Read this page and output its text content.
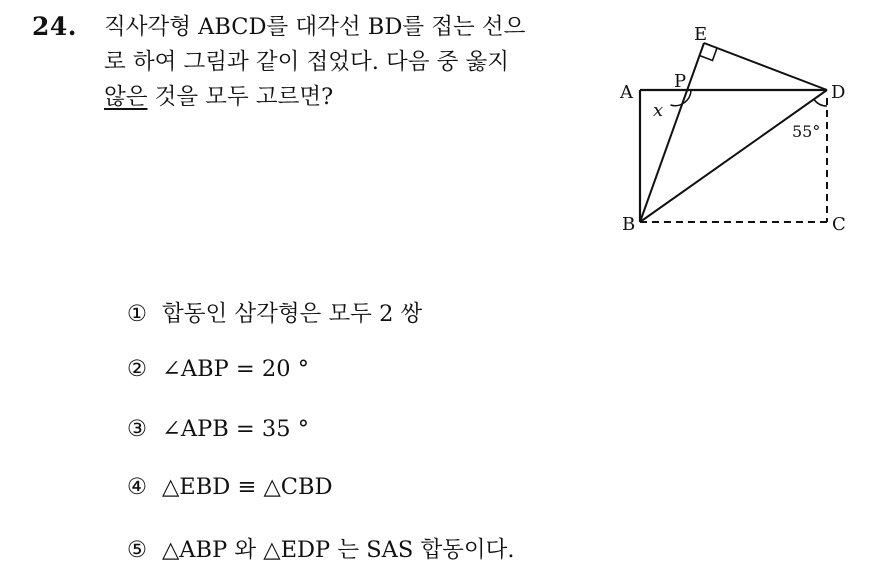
24. 직사각형 ABCD를 대각선 BD를 접는 선으
로 하여 그림과 같이 접었다. 다음 중 옳지
않은 것을 모두 고르면?
E
P
A	D
B	C
x
55°
① 합동인 삼각형은 모두 2 쌍
② ∠ABP = 20 °
③ ∠APB = 35 °
④ △EBD ≡ △CBD
⑤ △ABP 와 △EDP 는 SAS 합동이다.
